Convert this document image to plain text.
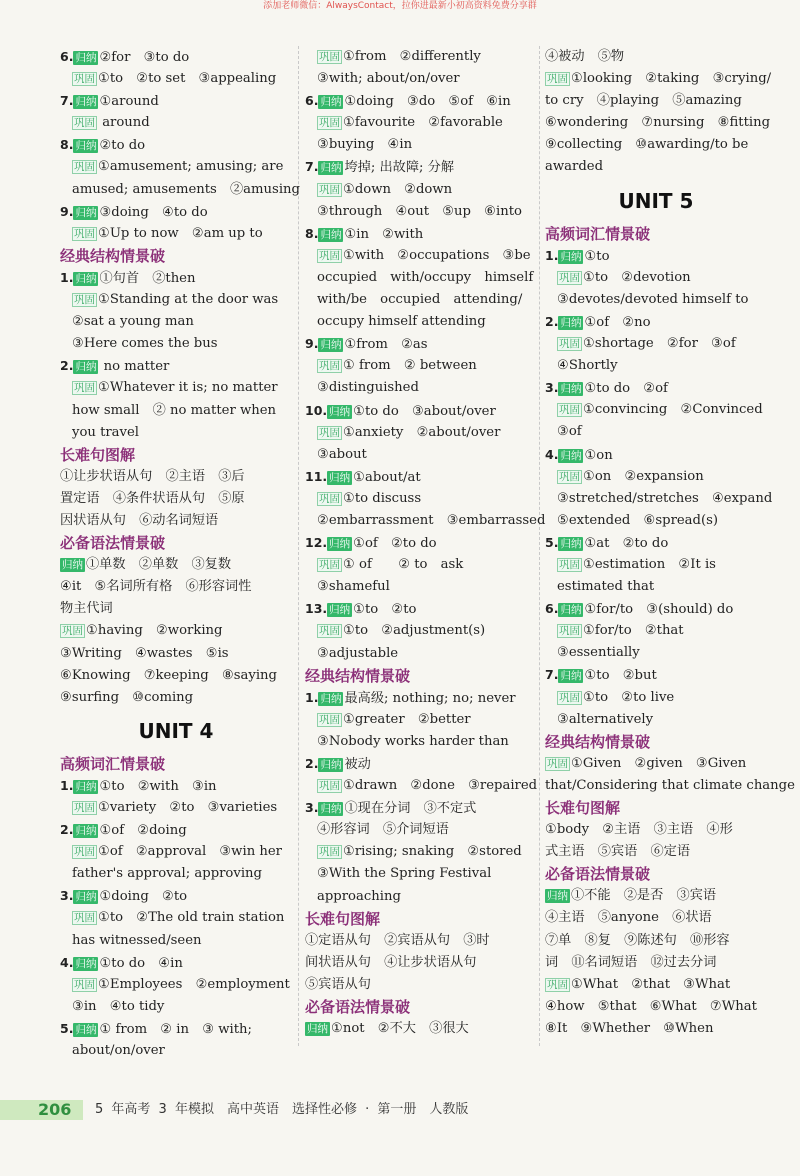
添加老师微信：AlwaysContact，拉你进最新小初高资料免费分享群
6. 归纳 ②for　③to do
巩固 ①to　②to set　③appealing
7. 归纳 ①around
巩固 around
8. 归纳 ②to do
巩固 ①amusement; amusing; are
amused; amusements　②amusing
9. 归纳 ③doing　④to do
巩固 ①Up to now　②am up to
经典结构情景破
1. 归纳 ①句首　②then
巩固 ①Standing at the door was
②sat a young man
③Here comes the bus
2. 归纳 no matter
巩固 ①Whatever it is; no matter
how small　② no matter when
you travel
长难句图解
①让步状语从句　②主语　③后
置定语　④条件状语从句　⑤原
因状语从句　⑥动名词短语
必备语法情景破
归纳 ①单数　②单数　③复数
④it　⑤名词所有格　⑥形容词性
物主代词
巩固 ①having　②working
③Writing　④wastes　⑤is
⑥Knowing　⑦keeping　⑧saying
⑨surfing　⑩coming
UNIT 4
高频词汇情景破
1. 归纳 ①to　②with　③in
巩固 ①variety　②to　③varieties
2. 归纳 ①of　②doing
巩固 ①of　②approval　③win her
father's approval; approving
3. 归纳 ①doing　②to
巩固 ①to　②The old train station
has witnessed/seen
4. 归纳 ①to do　④in
巩固 ①Employees　②employment
③in　④to tidy
5. 归纳 ① from　② in　③ with;
about/on/over
巩固 ①from　②differently
③with; about/on/over
6. 归纳 ①doing　③do　⑤of　⑥in
巩固 ①favourite　②favorable
③buying　④in
7. 归纳 垮掉; 出故障; 分解
巩固 ①down　②down
③through　④out　⑤up　⑥into
8. 归纳 ①in　②with
巩固 ①with　②occupations　③be
occupied　with/occupy　himself
with/be　occupied　attending/
occupy himself attending
9. 归纳 ①from　②as
巩固 ① from　② between
③distinguished
10. 归纳 ①to do　③about/over
巩固 ①anxiety　②about/over
③about
11. 归纳 ①about/at
巩固 ①to discuss
②embarrassment　③embarrassed
12. 归纳 ①of　②to do
巩固 ① of　　② to　ask
③shameful
13. 归纳 ①to　②to
巩固 ①to　②adjustment(s)
③adjustable
经典结构情景破
1. 归纳 最高级; nothing; no; never
巩固 ①greater　②better
③Nobody works harder than
2. 归纳 被动
巩固 ①drawn　②done　③repaired
3. 归纳 ①现在分词　③不定式
④形容词　⑤介词短语
巩固 ①rising; snaking　②stored
③With the Spring Festival
approaching
长难句图解
①定语从句　②宾语从句　③时
间状语从句　④让步状语从句
⑤宾语从句
必备语法情景破
归纳 ①not　②不大　③很大
④被动　⑤物
巩固 ①looking　②taking　③crying/
to cry　④playing　⑤amazing
⑥wondering　⑦nursing　⑧fitting
⑨collecting　⑩awarding/to be
awarded
UNIT 5
高频词汇情景破
1. 归纳 ①to
巩固 ①to　②devotion
③devotes/devoted himself to
2. 归纳 ①of　②no
巩固 ①shortage　②for　③of
④Shortly
3. 归纳 ①to do　②of
巩固 ①convincing　②Convinced
③of
4. 归纳 ①on
巩固 ①on　②expansion
③stretched/stretches　④expand
⑤extended　⑥spread(s)
5. 归纳 ①at　②to do
巩固 ①estimation　②It is
estimated that
6. 归纳 ①for/to　③(should) do
巩固 ①for/to　②that
③essentially
7. 归纳 ①to　②but
巩固 ①to　②to live
③alternatively
经典结构情景破
巩固 ①Given　②given　③Given
that/Considering that climate change
长难句图解
①body　②主语　③主语　④形
式主语　⑤宾语　⑥定语
必备语法情景破
归纳 ①不能　②是否　③宾语
④主语　⑤anyone　⑥状语
⑦单　⑧复　⑨陈述句　⑩形容
词　⑪名词短语　⑫过去分词
巩固 ①What　②that　③What
④how　⑤that　⑥What　⑦What
⑧It　⑨Whether　⑩When
206 5 年高考 3 年模拟　高中英语　选择性必修 · 第一册　人教版
